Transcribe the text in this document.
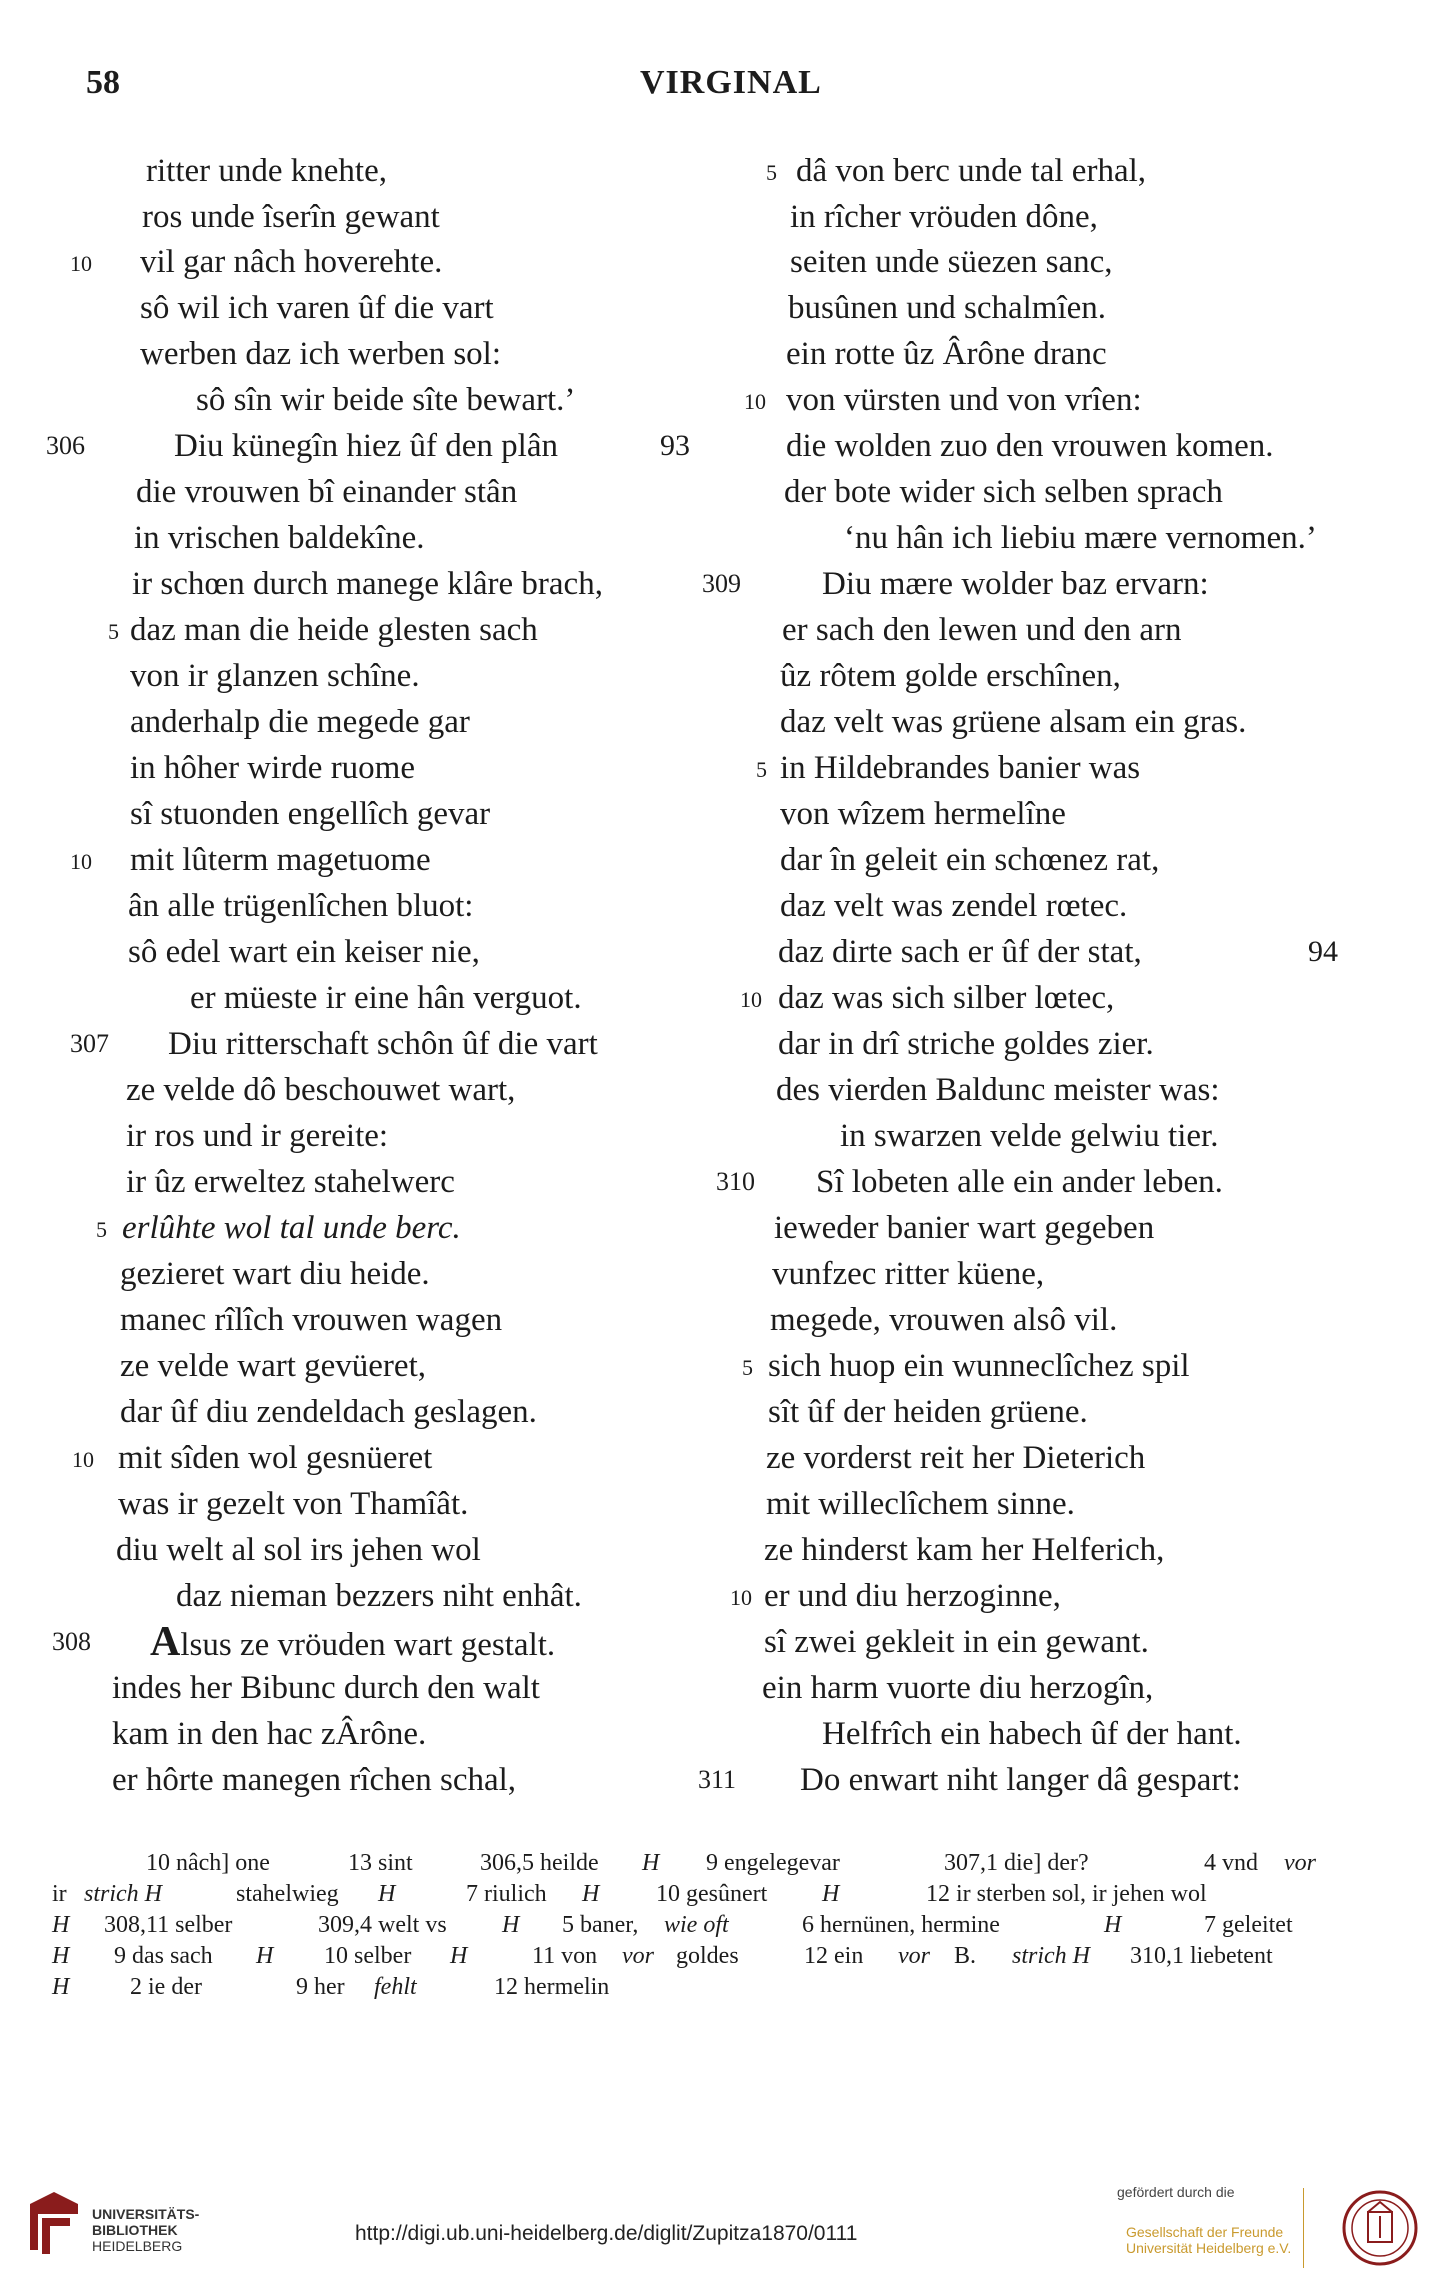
58	VIRGINAL
ritter unde knehte,
ros unde îserîn gewant
vil gar nâch hoverehte.
sô wil ich varen ûf die vart
werben daz ich werben sol:
sô sîn wir beide sîte bewart.’
Diu künegîn hiez ûf den plân
die vrouwen bî einander stân
in vrischen baldekîne.
ir schœn durch manege klâre brach,
daz man die heide glesten sach
von ir glanzen schîne.
anderhalp die megede gar
in hôher wirde ruome
sî stuonden engellîch gevar
mit lûterm magetuome
ân alle trügenlîchen bluot:
sô edel wart ein keiser nie,
er müeste ir eine hân verguot.
Diu ritterschaft schôn ûf die vart
ze velde dô beschouwet wart,
ir ros und ir gereite:
ir ûz erweltez stahelwerc
erlûhte wol tal unde berc.
gezieret wart diu heide.
manec rîlîch vrouwen wagen
ze velde wart gevüeret,
dar ûf diu zendeldach geslagen.
mit sîden wol gesnüeret
was ir gezelt von Thamîât.
diu welt al sol irs jehen wol
daz nieman bezzers niht enhât.
Alsus ze vröuden wart gestalt.
indes her Bibunc durch den walt
kam in den hac zÂrône.
er hôrte manegen rîchen schal,
10
306	93
5
10
307
5
10
308
dâ von berc unde tal erhal,
in rîcher vröuden dône,
seiten unde süezen sanc,
busûnen und schalmîen.
ein rotte ûz Ârône dranc
von vürsten und von vrîen:
die wolden zuo den vrouwen komen.
der bote wider sich selben sprach
‘nu hân ich liebiu mære vernomen.’
Diu mære wolder baz ervarn:
er sach den lewen und den arn
ûz rôtem golde erschînen,
daz velt was grüene alsam ein gras.
in Hildebrandes banier was
von wîzem hermelîne
dar în geleit ein schœnez rat,
daz velt was zendel rœtec.
daz dirte sach er ûf der stat,
daz was sich silber lœtec,
dar in drî striche goldes zier.
des vierden Baldunc meister was:
in swarzen velde gelwiu tier.
Sî lobeten alle ein ander leben.
ieweder banier wart gegeben
vunfzec ritter küene,
megede, vrouwen alsô vil.
sich huop ein wunneclîchez spil
sît ûf der heiden grüene.
ze vorderst reit her Dieterich
mit willeclîchem sinne.
ze hinderst kam her Helferich,
er und diu herzoginne,
sî zwei gekleit in ein gewant.
ein harm vuorte diu herzogîn,
Helfrîch ein habech ûf der hant.
Do enwart niht langer dâ gespart:
5
10
309
5
94
10
310
5
10
311
10 nâch] one	13 sint	306,5 heilde H 9 engelegevar	307,1 die] der?	4 vnd vor
ir strich H	stahelwieg H	7 riulich H 10 gesûnert H	12 ir sterben sol, ir jehen wol
H 308,11 selber	309,4 welt vs H 5 baner, wie oft	6 hernünen, hermine	H	7 geleitet
H 9 das sach H 10 selber H	11 von vor goldes	12 ein vor B. strich H 310,1 liebetent
H	2 ie der	9 her fehlt	12 hermelin
UNIVERSITÄTS-
BIBLIOTHEK
HEIDELBERG
http://digi.ub.uni-heidelberg.de/diglit/Zupitza1870/0111
gefördert durch die
Gesellschaft der Freunde
Universität Heidelberg e.V.
